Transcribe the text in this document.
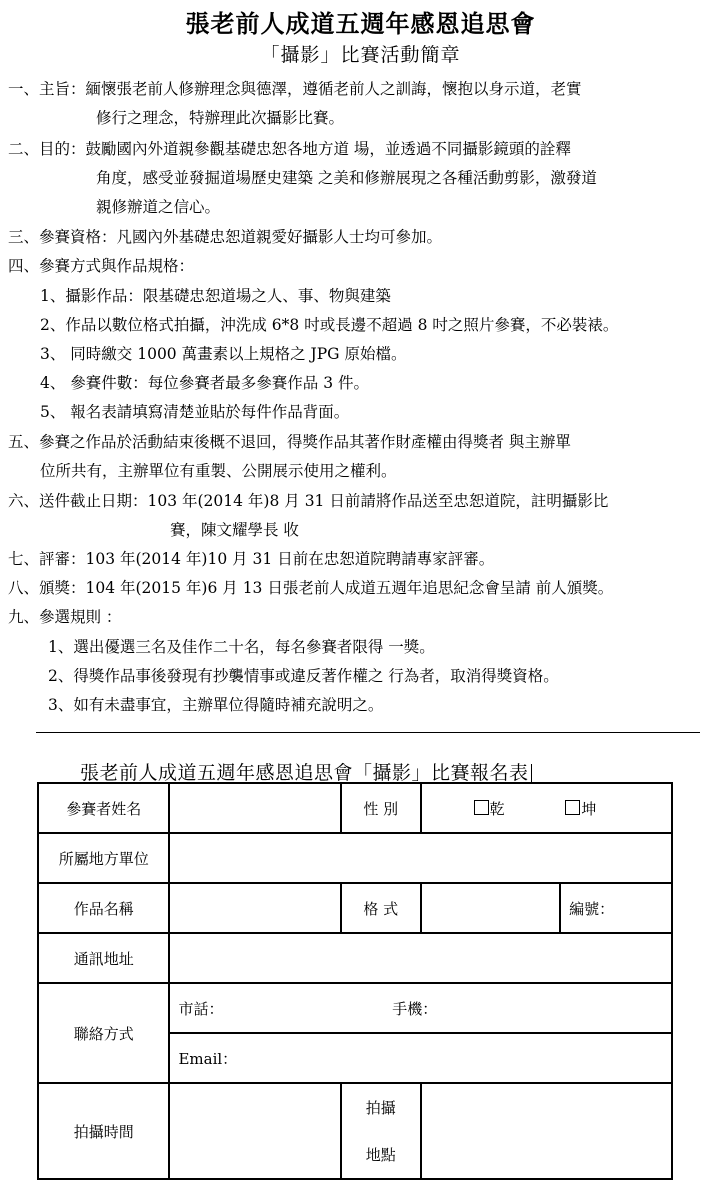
張老前人成道五週年感恩追思會
「攝影」比賽活動簡章
一、主旨：緬懷張老前人修辦理念與德澤，遵循老前人之訓誨，懷抱以身示道，老實
修行之理念，特辦理此次攝影比賽。
二、目的：鼓勵國內外道親參觀基礎忠恕各地方道 場，並透過不同攝影鏡頭的詮釋
角度，感受並發掘道場歷史建築 之美和修辦展現之各種活動剪影，激發道
親修辦道之信心。
三、參賽資格：凡國內外基礎忠恕道親愛好攝影人士均可參加。
四、參賽方式與作品規格：
1、攝影作品：限基礎忠恕道場之人、事、物與建築
2、作品以數位格式拍攝，沖洗成 6*8 吋或長邊不超過 8 吋之照片參賽，不必裝裱。
3、 同時繳交 1000 萬畫素以上規格之 JPG 原始檔。
4、 參賽件數：每位參賽者最多參賽作品 3 件。
5、 報名表請填寫清楚並貼於每件作品背面。
五、參賽之作品於活動結束後概不退回，得獎作品其著作財產權由得獎者 與主辦單
位所共有，主辦單位有重製、公開展示使用之權利。
六、送件截止日期：103 年(2014 年)8 月 31 日前請將作品送至忠恕道院，註明攝影比
賽，陳文耀學長 收
七、評審：103 年(2014 年)10 月 31 日前在忠恕道院聘請專家評審。
八、頒獎：104 年(2015 年)6 月 13 日張老前人成道五週年追思紀念會呈請 前人頒獎。
九、參選規則 ：
1、選出優選三名及佳作二十名，每名參賽者限得 一獎。
2、得獎作品事後發現有抄襲情事或違反著作權之 行為者，取消得獎資格。
3、如有未盡事宜，主辦單位得隨時補充說明之。
張老前人成道五週年感恩追思會「攝影」比賽報名表
參賽者姓名		性 別	乾 坤	
所屬地方單位				
作品名稱		格 式		編號：
通訊地址				
聯絡方式	市話： 手機：			
	Email：			
拍攝時間		拍攝
地點		
